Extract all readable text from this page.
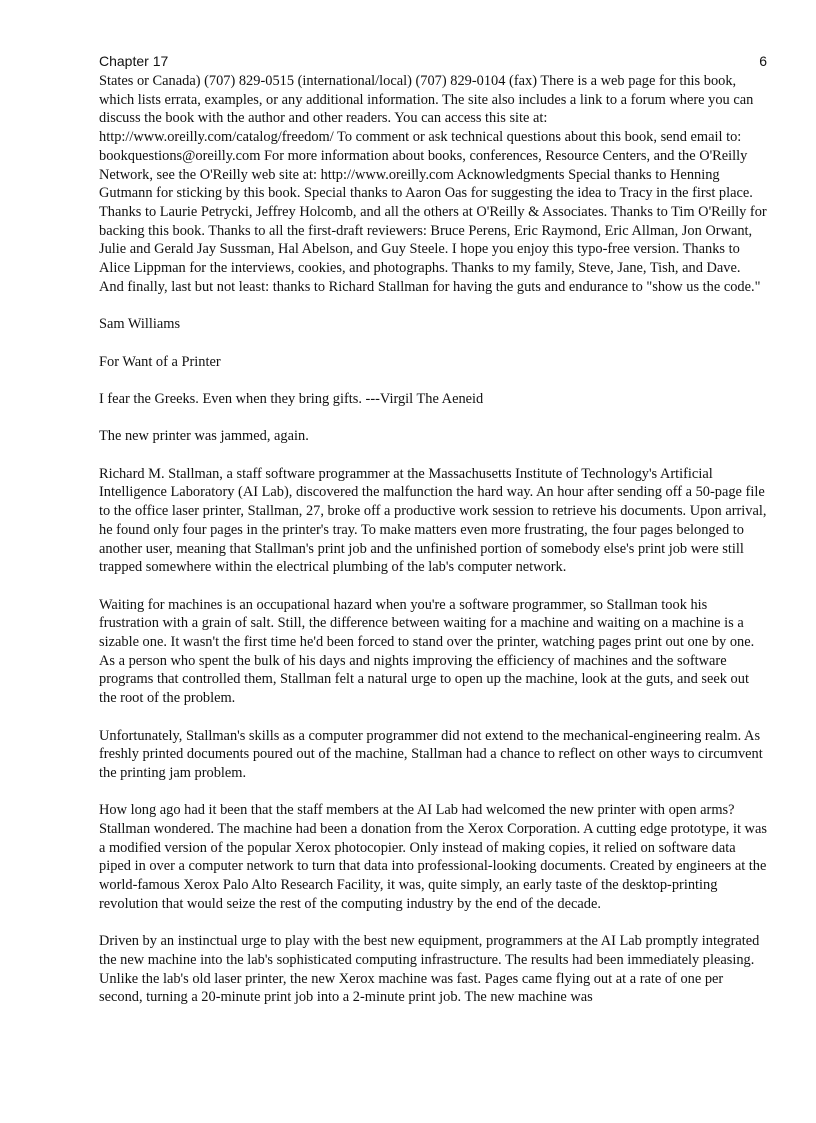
Chapter 17	6

States or Canada) (707) 829-0515 (international/local) (707) 829-0104 (fax) There is a web page for this book, which lists errata, examples, or any additional information. The site also includes a link to a forum where you can discuss the book with the author and other readers. You can access this site at: http://www.oreilly.com/catalog/freedom/ To comment or ask technical questions about this book, send email to: bookquestions@oreilly.com For more information about books, conferences, Resource Centers, and the O'Reilly Network, see the O'Reilly web site at: http://www.oreilly.com Acknowledgments Special thanks to Henning Gutmann for sticking by this book. Special thanks to Aaron Oas for suggesting the idea to Tracy in the first place. Thanks to Laurie Petrycki, Jeffrey Holcomb, and all the others at O'Reilly & Associates. Thanks to Tim O'Reilly for backing this book. Thanks to all the first-draft reviewers: Bruce Perens, Eric Raymond, Eric Allman, Jon Orwant, Julie and Gerald Jay Sussman, Hal Abelson, and Guy Steele. I hope you enjoy this typo-free version. Thanks to Alice Lippman for the interviews, cookies, and photographs. Thanks to my family, Steve, Jane, Tish, and Dave. And finally, last but not least: thanks to Richard Stallman for having the guts and endurance to "show us the code."

Sam Williams

For Want of a Printer

I fear the Greeks. Even when they bring gifts. ---Virgil The Aeneid

The new printer was jammed, again.

Richard M. Stallman, a staff software programmer at the Massachusetts Institute of Technology's Artificial Intelligence Laboratory (AI Lab), discovered the malfunction the hard way. An hour after sending off a 50-page file to the office laser printer, Stallman, 27, broke off a productive work session to retrieve his documents. Upon arrival, he found only four pages in the printer's tray. To make matters even more frustrating, the four pages belonged to another user, meaning that Stallman's print job and the unfinished portion of somebody else's print job were still trapped somewhere within the electrical plumbing of the lab's computer network.

Waiting for machines is an occupational hazard when you're a software programmer, so Stallman took his frustration with a grain of salt. Still, the difference between waiting for a machine and waiting on a machine is a sizable one. It wasn't the first time he'd been forced to stand over the printer, watching pages print out one by one. As a person who spent the bulk of his days and nights improving the efficiency of machines and the software programs that controlled them, Stallman felt a natural urge to open up the machine, look at the guts, and seek out the root of the problem.

Unfortunately, Stallman's skills as a computer programmer did not extend to the mechanical-engineering realm. As freshly printed documents poured out of the machine, Stallman had a chance to reflect on other ways to circumvent the printing jam problem.

How long ago had it been that the staff members at the AI Lab had welcomed the new printer with open arms? Stallman wondered. The machine had been a donation from the Xerox Corporation. A cutting edge prototype, it was a modified version of the popular Xerox photocopier. Only instead of making copies, it relied on software data piped in over a computer network to turn that data into professional-looking documents. Created by engineers at the world-famous Xerox Palo Alto Research Facility, it was, quite simply, an early taste of the desktop-printing revolution that would seize the rest of the computing industry by the end of the decade.

Driven by an instinctual urge to play with the best new equipment, programmers at the AI Lab promptly integrated the new machine into the lab's sophisticated computing infrastructure. The results had been immediately pleasing. Unlike the lab's old laser printer, the new Xerox machine was fast. Pages came flying out at a rate of one per second, turning a 20-minute print job into a 2-minute print job. The new machine was
